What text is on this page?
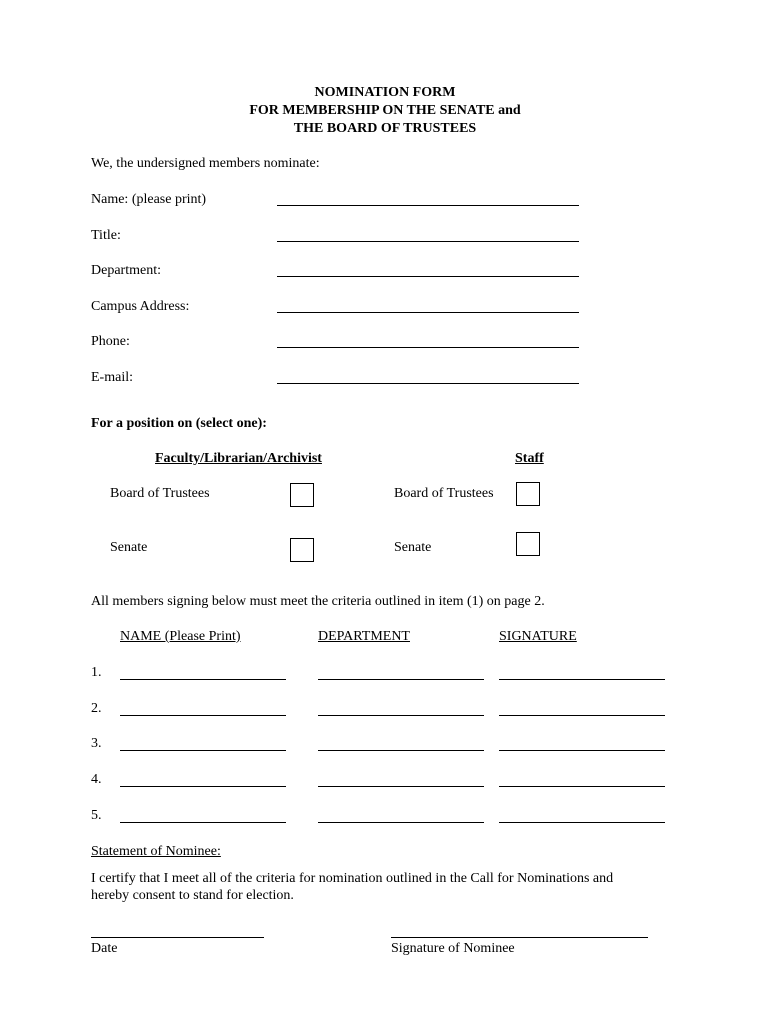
NOMINATION FORM
FOR MEMBERSHIP ON THE SENATE and
THE BOARD OF TRUSTEES
We, the undersigned members nominate:
Name: (please print)
Title:
Department:
Campus Address:
Phone:
E-mail:
For a position on (select one):
Faculty/Librarian/Archivist	Staff
Board of Trustees	Board of Trustees
Senate	Senate
All members signing below must meet the criteria outlined in item (1) on page 2.
NAME (Please Print)	DEPARTMENT	SIGNATURE
1.
2.
3.
4.
5.
Statement of Nominee:
I certify that I meet all of the criteria for nomination outlined in the Call for Nominations and
hereby consent to stand for election.
Date	Signature of Nominee
